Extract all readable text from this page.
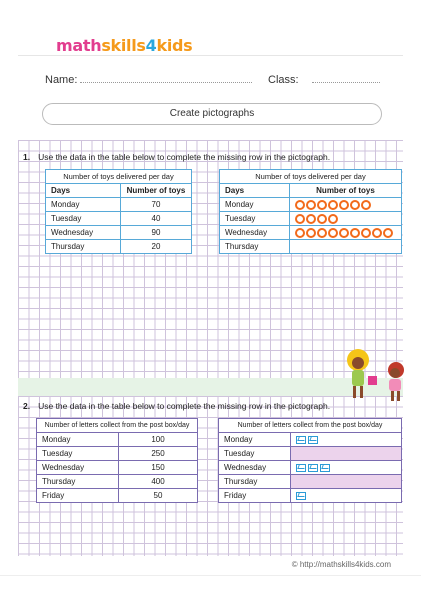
mathskills4kids
Name:	Class:
Create pictographs
1. Use the data in the table below to complete the missing row in the pictograph.
Number of toys delivered per day	
Days	Number of toys
Monday	70
Tuesday	40
Wednesday	90
Thursday	20
Number of toys delivered per day	
Days	Number of toys
Monday	
Tuesday	
Wednesday	
Thursday	
2. Use the data in the table below to complete the missing row in the pictograph.
Number of letters collect from the post box/day	
Monday	100
Tuesday	250
Wednesday	150
Thursday	400
Friday	50
Number of letters collect from the post box/day	
Monday	
Tuesday	
Wednesday	
Thursday	
Friday	
© http://mathskills4kids.com
